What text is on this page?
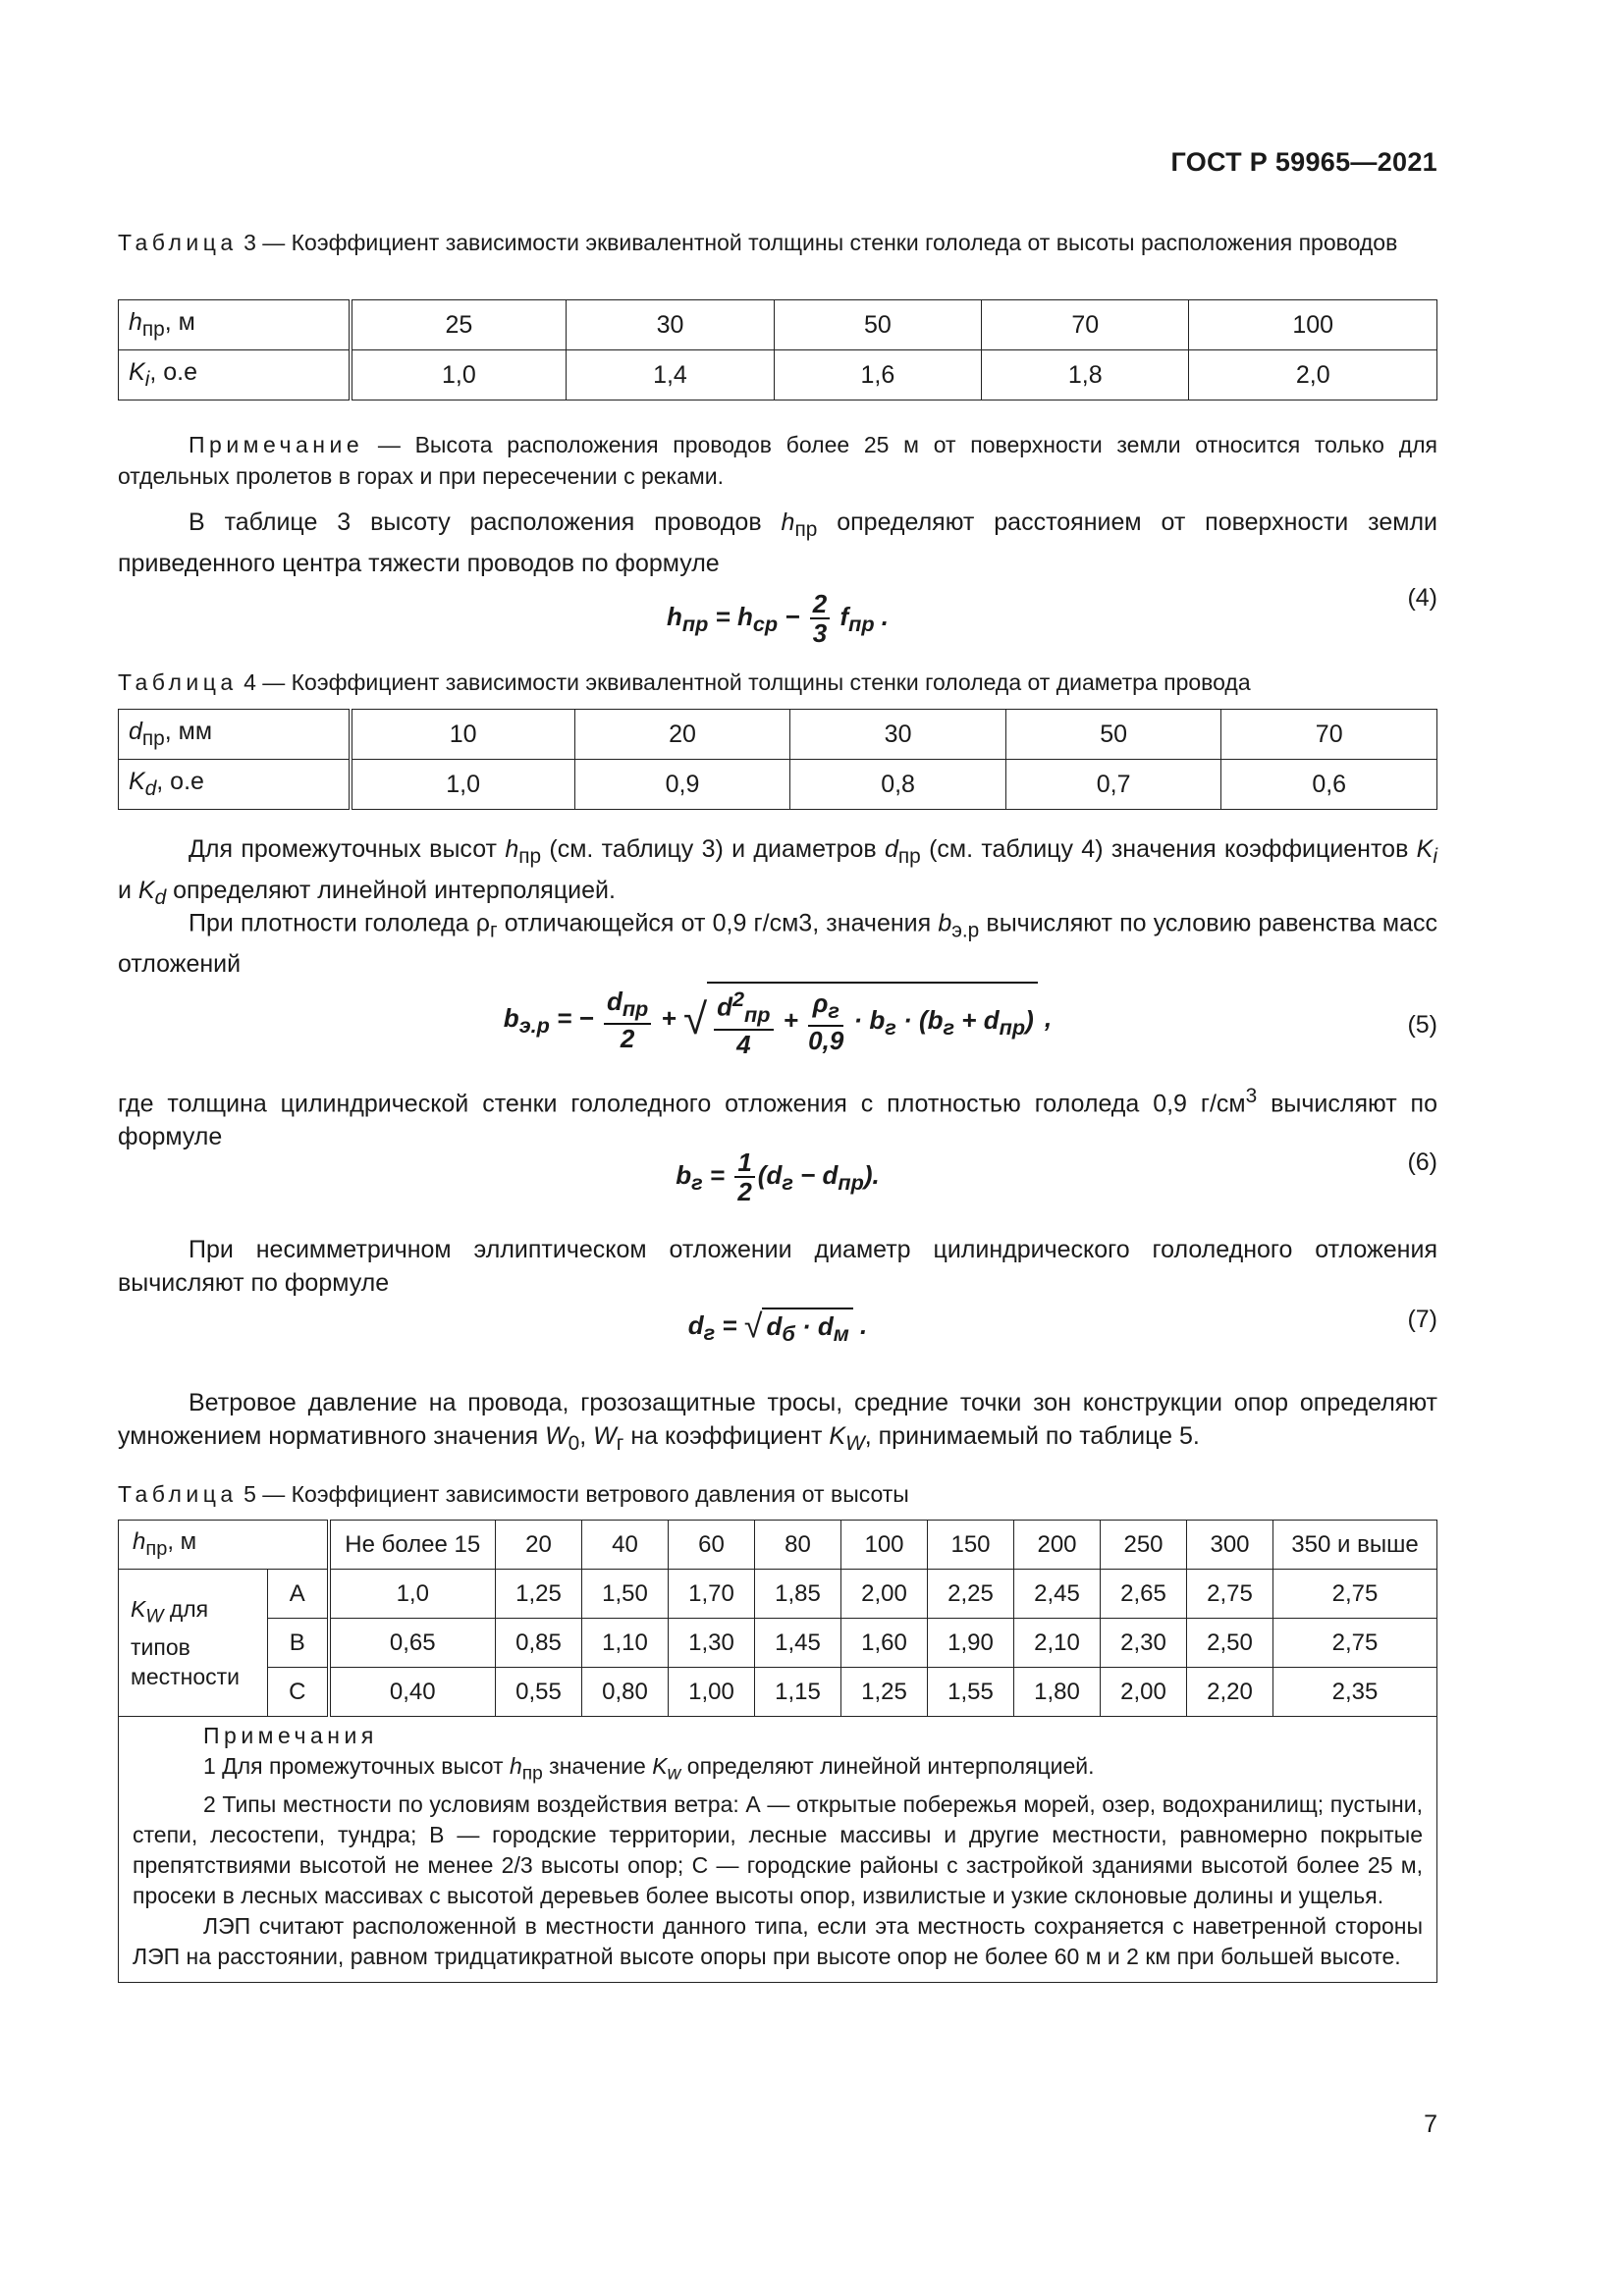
ГОСТ Р 59965—2021
Таблица 3 — Коэффициент зависимости эквивалентной толщины стенки гололеда от высоты расположения проводов
$h_{пр}$, м	25	30	50	70	100
$K_i$, о.е	1,0	1,4	1,6	1,8	2,0
Примечание — Высота расположения проводов более 25 м от поверхности земли относится только для отдельных пролетов в горах и при пересечении с реками.
В таблице 3 высоту расположения проводов $h_{пр}$ определяют расстоянием от поверхности земли приведенного центра тяжести проводов по формуле
$h_{пр} = h_{ср} - \frac{2}{3} f_{пр}$ .
(4)
Таблица 4 — Коэффициент зависимости эквивалентной толщины стенки гололеда от диаметра провода
$d_{пр}$, мм	10	20	30	50	70
$K_d$, о.е	1,0	0,9	0,8	0,7	0,6
Для промежуточных высот $h_{пр}$ (см. таблицу 3) и диаметров $d_{пр}$ (см. таблицу 4) значения коэффициентов $K_i$ и $K_d$ определяют линейной интерполяцией.
При плотности гололеда $\rho_г$ отличающейся от 0,9 г/см3, значения $b_{э.р}$ вычисляют по условию равенства масс отложений
$b_{э.р}$ = − $\frac{d_{пр}}{2}$ + √ $\frac{d^2_{пр}}{4} + \frac{\rho_г}{0,9} \cdot b_г \cdot (b_г + d_{пр})$ ,	(5)
где толщина цилиндрической стенки гололедного отложения с плотностью гололеда 0,9 $г/см^3$ вычисляют по формуле
$b_г = \frac{1}{2} (d_г - d_{пр})$.	(6)
При несимметричном эллиптическом отложении диаметр цилиндрического гололедного отложения вычисляют по формуле
$d_г$ = √ $d_б \cdot d_м$ .	(7)
Ветровое давление на провода, грозозащитные тросы, средние точки зон конструкции опор определяют умножением нормативного значения $W_0$, $W_г$ на коэффициент $K_W$, принимаемый по таблице 5.
Таблица 5 — Коэффициент зависимости ветрового давления от высоты
$h_{пр}$, м		Не более 15	20	40	60	80	100	150	200	250	300	350 и выше
$K_W$ для типов местности	A	1,0	1,25	1,50	1,70	1,85	2,00	2,25	2,45	2,65	2,75	2,75
	B	0,65	0,85	1,10	1,30	1,45	1,60	1,90	2,10	2,30	2,50	2,75
	C	0,40	0,55	0,80	1,00	1,15	1,25	1,55	1,80	2,00	2,20	2,35

Примечания

1 Для промежуточных высот $h_{пр}$ значение $K_w$ определяют линейной интерполяцией.

2 Типы местности по условиям воздействия ветра: А — открытые побережья морей, озер, водохранилищ; пустыни, степи, лесостепи, тундра; В — городские территории, лесные массивы и другие местности, равномерно покрытые препятствиями высотой не менее 2/3 высоты опор; С — городские районы с застройкой зданиями высотой более 25 м, просеки в лесных массивах с высотой деревьев более высоты опор, извилистые и узкие склоновые долины и ущелья.

ЛЭП считают расположенной в местности данного типа, если эта местность сохраняется с наветренной стороны ЛЭП на расстоянии, равном тридцатикратной высоте опоры при высоте опор не более 60 м и 2 км при большей высоте.

7
